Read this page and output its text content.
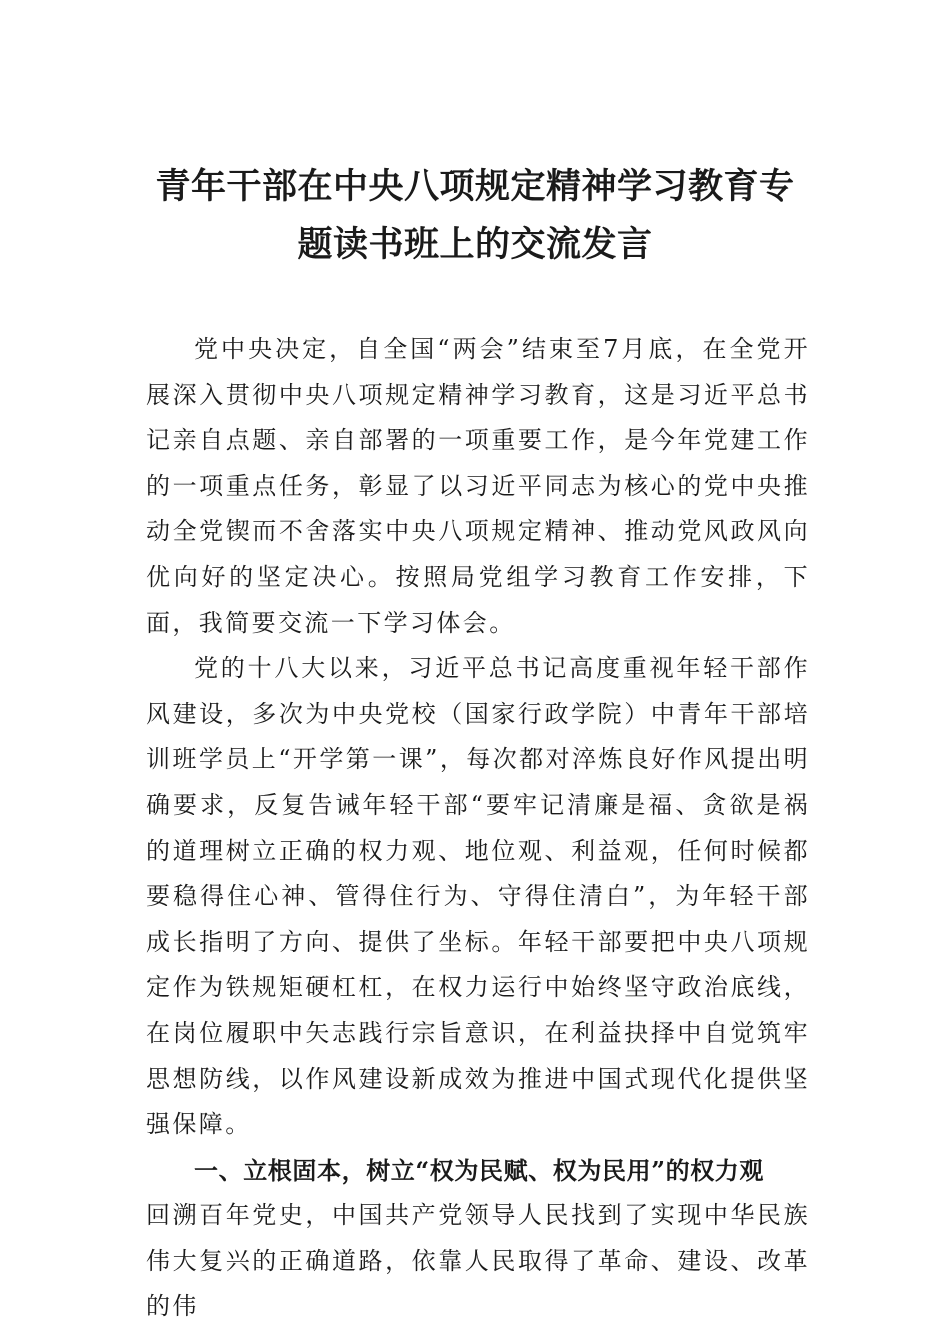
青年干部在中央八项规定精神学习教育专
题读书班上的交流发言

党中央决定，自全国“两会”结束至7月底，在全党开展深入贯彻中央八项规定精神学习教育，这是习近平总书记亲自点题、亲自部署的一项重要工作，是今年党建工作的一项重点任务，彰显了以习近平同志为核心的党中央推动全党锲而不舍落实中央八项规定精神、推动党风政风向优向好的坚定决心。按照局党组学习教育工作安排，下面，我简要交流一下学习体会。

党的十八大以来，习近平总书记高度重视年轻干部作风建设，多次为中央党校（国家行政学院）中青年干部培训班学员上“开学第一课”，每次都对淬炼良好作风提出明确要求，反复告诫年轻干部“要牢记清廉是福、贪欲是祸的道理树立正确的权力观、地位观、利益观，任何时候都要稳得住心神、管得住行为、守得住清白”，为年轻干部成长指明了方向、提供了坐标。年轻干部要把中央八项规定作为铁规矩硬杠杠，在权力运行中始终坚守政治底线，在岗位履职中矢志践行宗旨意识，在利益抉择中自觉筑牢思想防线，以作风建设新成效为推进中国式现代化提供坚强保障。

一、立根固本，树立“权为民赋、权为民用”的权力观

回溯百年党史，中国共产党领导人民找到了实现中华民族伟大复兴的正确道路，依靠人民取得了革命、建设、改革的伟
